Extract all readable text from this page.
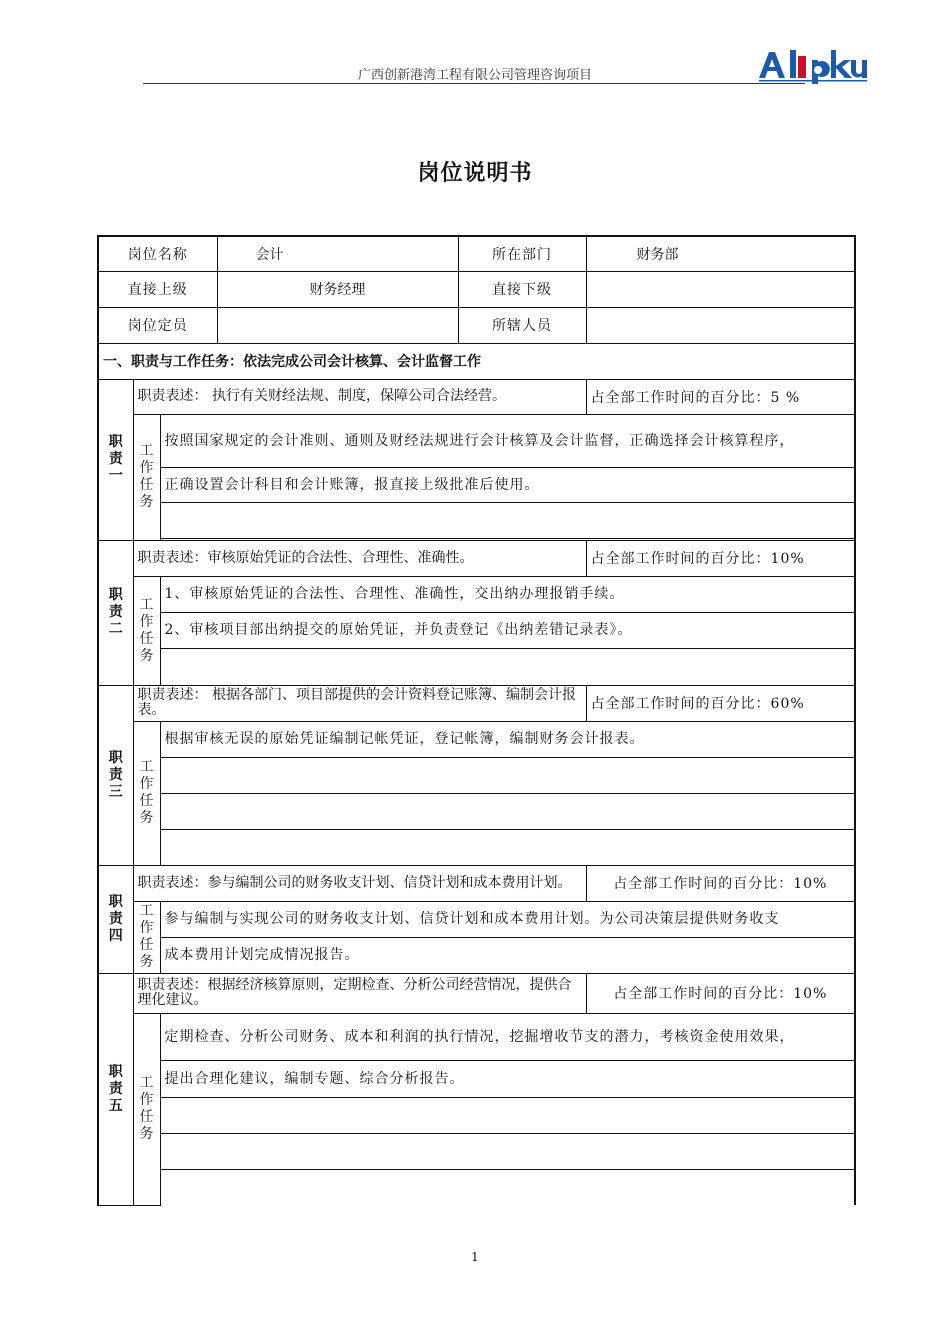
广西创新港湾工程有限公司管理咨询项目
岗位说明书
岗位名称			会计	所在部门	财务部
直接上级			财务经理	直接下级	
岗位定员				所辖人员	
一、职责与工作任务：依法完成公司会计核算、会计监督工作					
职
责
一	职责表述： 执行有关财经法规、制度，保障公司合法经营。				占全部工作时间的百分比：5 %
	工
作
任
务	按照国家规定的会计准则、通则及财经法规进行会计核算及会计监督，正确选择会计核算程序，			
		正确设置会计科目和会计账簿，报直接上级批准后使用。			

职
责
二	职责表述：审核原始凭证的合法性、合理性、准确性。				占全部工作时间的百分比：10%
	工
作
任
务	1、审核原始凭证的合法性、合理性、准确性，交出纳办理报销手续。			
		2、审核项目部出纳提交的原始凭证，并负责登记《出纳差错记录表》。			

职
责
三	职责表述： 根据各部门、项目部提供的会计资料登记账簿、编制会计报表。				占全部工作时间的百分比：60%
	工
作
任
务	根据审核无误的原始凭证编制记帐凭证，登记帐簿，编制财务会计报表。			

职
责
四	职责表述：参与编制公司的财务收支计划、信贷计划和成本费用计划。				占全部工作时间的百分比：10%
	工
作
任
务	参与编制与实现公司的财务收支计划、信贷计划和成本费用计划。为公司决策层提供财务收支			
		成本费用计划完成情况报告。			
职
责
五	职责表述：根据经济核算原则，定期检查、分析公司经营情况，提供合理化建议。				占全部工作时间的百分比：10%
	工
作
任
务	定期检查、分析公司财务、成本和利润的执行情况，挖掘增收节支的潜力，考核资金使用效果，			
		提出合理化建议，编制专题、综合分析报告。			

1
